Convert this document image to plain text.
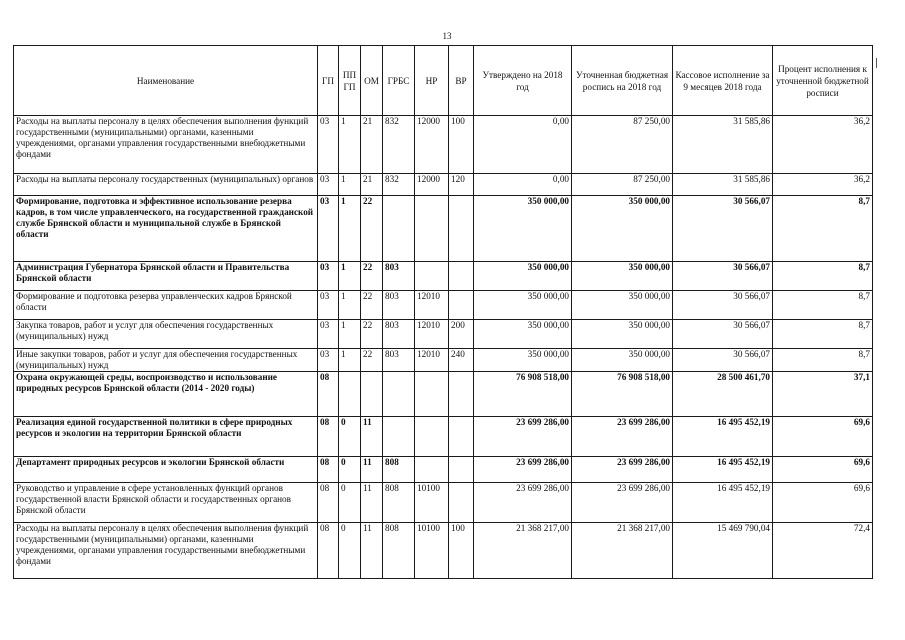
13
Наименование	ГП	ПП ГП	ОМ	ГРБС	НР	ВР	Утверждено на 2018 год	Уточненная бюджетная роспись на 2018 год	Кассовое исполнение за 9 месяцев 2018 года	Процент исполнения к уточненной бюджетной росписи
Расходы на выплаты персоналу в целях обеспечения выполнения функций государственными (муниципальными) органами, казенными учреждениями, органами управления государственными внебюджетными фондами	03	1	21	832	12000	100	0,00	87 250,00	31 585,86	36,2
Расходы на выплаты персоналу государственных (муниципальных) органов	03	1	21	832	12000	120	0,00	87 250,00	31 585,86	36,2
Формирование, подготовка и эффективное использование резерва кадров, в том числе управленческого, на государственной гражданской службе Брянской области и муниципальной службе в Брянской области	03	1	22				350 000,00	350 000,00	30 566,07	8,7
Администрация Губернатора Брянской области и Правительства Брянской области	03	1	22	803			350 000,00	350 000,00	30 566,07	8,7
Формирование и подготовка резерва управленческих кадров Брянской области	03	1	22	803	12010		350 000,00	350 000,00	30 566,07	8,7
Закупка товаров, работ и услуг для обеспечения государственных (муниципальных) нужд	03	1	22	803	12010	200	350 000,00	350 000,00	30 566,07	8,7
Иные закупки товаров, работ и услуг для обеспечения государственных (муниципальных) нужд	03	1	22	803	12010	240	350 000,00	350 000,00	30 566,07	8,7
Охрана окружающей среды, воспроизводство и использование природных ресурсов Брянской области (2014 - 2020 годы)	08						76 908 518,00	76 908 518,00	28 500 461,70	37,1
Реализация единой государственной политики в сфере природных ресурсов и экологии на территории Брянской области	08	0	11				23 699 286,00	23 699 286,00	16 495 452,19	69,6
Департамент природных ресурсов и экологии Брянской области	08	0	11	808			23 699 286,00	23 699 286,00	16 495 452,19	69,6
Руководство и управление в сфере установленных функций органов государственной власти Брянской области и государственных органов Брянской области	08	0	11	808	10100		23 699 286,00	23 699 286,00	16 495 452,19	69,6
Расходы на выплаты персоналу в целях обеспечения выполнения функций государственными (муниципальными) органами, казенными учреждениями, органами управления государственными внебюджетными фондами	08	0	11	808	10100	100	21 368 217,00	21 368 217,00	15 469 790,04	72,4
